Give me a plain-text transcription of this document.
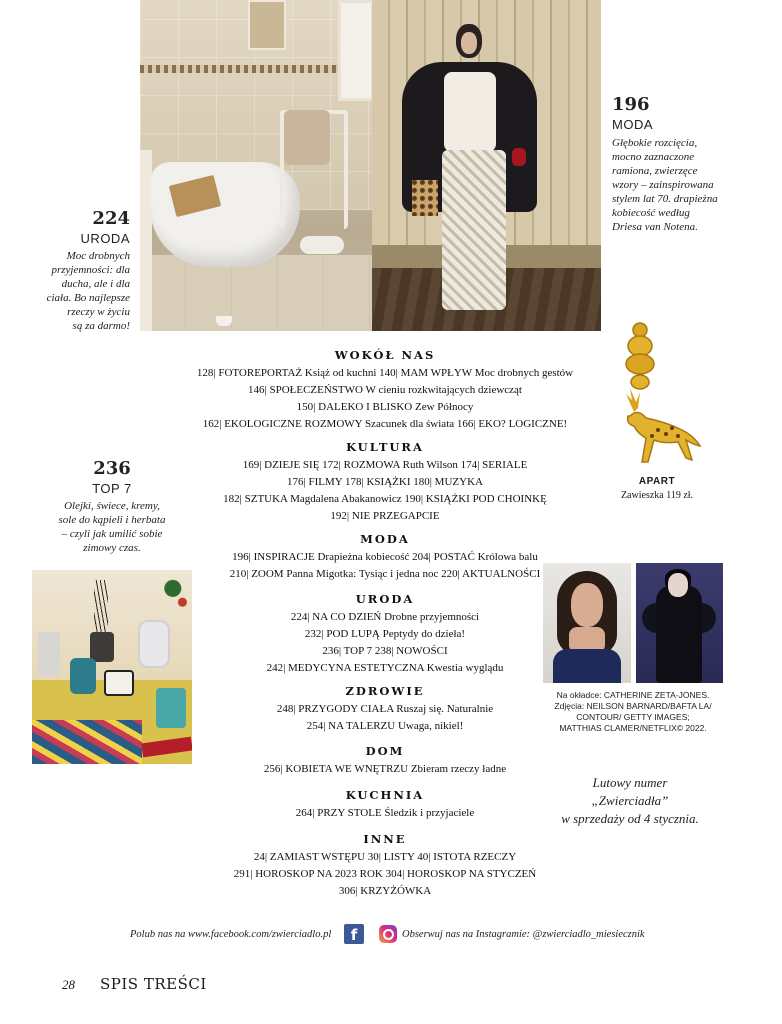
224
URODA
Moc drobnych
przyjemności: dla
ducha, ale i dla
ciała. Bo najlepsze
rzeczy w życiu
są za darmo!
196
MODA
Głębokie rozcięcia,
mocno zaznaczone
ramiona, zwierzęce
wzory – zainspirowana
stylem lat 70. drapieżna
kobiecość według
Driesa van Notena.
APART
Zawieszka 119 zł.
236
TOP 7
Olejki, świece, kremy,
sole do kąpieli i herbata
– czyli jak umilić sobie
zimowy czas.

WOKÓŁ NAS

128| FOTOREPORTAŻ Książ od kuchni 140| MAM WPŁYW Moc drobnych gestów

146| SPOŁECZEŃSTWO W cieniu rozkwitających dziewcząt

150| DALEKO I BLISKO Zew Północy

162| EKOLOGICZNE ROZMOWY Szacunek dla świata 166| EKO? LOGICZNE!

KULTURA

169| DZIEJE SIĘ 172| ROZMOWA Ruth Wilson 174| SERIALE

176| FILMY 178| KSIĄŻKI 180| MUZYKA

182| SZTUKA Magdalena Abakanowicz 190| KSIĄŻKI POD CHOINKĘ

192| NIE PRZEGAPCIE

MODA

196| INSPIRACJE Drapieżna kobiecość 204| POSTAĆ Królowa balu

210| ZOOM Panna Migotka: Tysiąc i jedna noc 220| AKTUALNOŚCI

URODA

224| NA CO DZIEŃ Drobne przyjemności

232| POD LUPĄ Peptydy do dzieła!

236| TOP 7 238| NOWOŚCI

242| MEDYCYNA ESTETYCZNA Kwestia wyglądu

ZDROWIE

248| PRZYGODY CIAŁA Ruszaj się. Naturalnie

254| NA TALERZU Uwaga, nikiel!

DOM

256| KOBIETA WE WNĘTRZU Zbieram rzeczy ładne

KUCHNIA

264| PRZY STOLE Śledzik i przyjaciele

INNE

24| ZAMIAST WSTĘPU 30| LISTY 40| ISTOTA RZECZY

291| HOROSKOP NA 2023 ROK 304| HOROSKOP NA STYCZEŃ

306| KRZYŻÓWKA

Na okładce: CATHERINE ZETA-JONES.
Zdjęcia: NEILSON BARNARD/BAFTA LA/
CONTOUR/ GETTY IMAGES;
MATTHIAS CLAMER/NETFLIX© 2022.
Lutowy numer
„Zwierciadła”
w sprzedaży od 4 stycznia.
Polub nas na www.facebook.com/zwierciadlo.pl	f	Obserwuj nas na Instagramie: @zwierciadlo_miesiecznik
28 SPIS TREŚCI
